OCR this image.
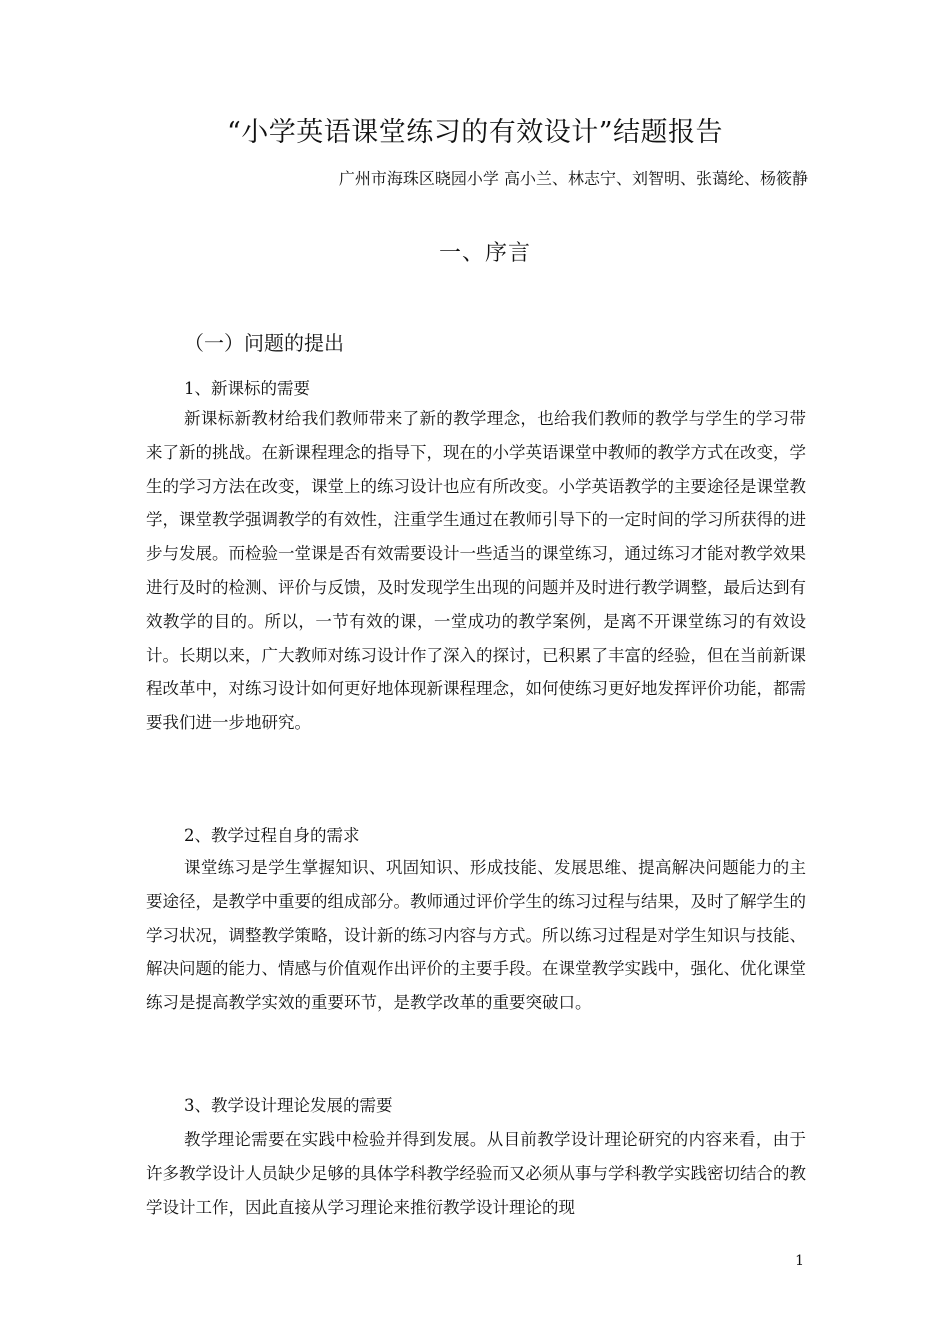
“小学英语课堂练习的有效设计”结题报告
广州市海珠区晓园小学 高小兰、林志宁、刘智明、张蔼纶、杨筱静
一、序言
（一）问题的提出
1、新课标的需要

新课标新教材给我们教师带来了新的教学理念，也给我们教师的教学与学生的学习带来了新的挑战。在新课程理念的指导下，现在的小学英语课堂中教师的教学方式在改变，学生的学习方法在改变，课堂上的练习设计也应有所改变。小学英语教学的主要途径是课堂教学，课堂教学强调教学的有效性，注重学生通过在教师引导下的一定时间的学习所获得的进步与发展。而检验一堂课是否有效需要设计一些适当的课堂练习，通过练习才能对教学效果进行及时的检测、评价与反馈，及时发现学生出现的问题并及时进行教学调整，最后达到有效教学的目的。所以，一节有效的课，一堂成功的教学案例，是离不开课堂练习的有效设计。长期以来，广大教师对练习设计作了深入的探讨，已积累了丰富的经验，但在当前新课程改革中，对练习设计如何更好地体现新课程理念，如何使练习更好地发挥评价功能，都需要我们进一步地研究。

2、教学过程自身的需求

课堂练习是学生掌握知识、巩固知识、形成技能、发展思维、提高解决问题能力的主要途径，是教学中重要的组成部分。教师通过评价学生的练习过程与结果，及时了解学生的学习状况，调整教学策略，设计新的练习内容与方式。所以练习过程是对学生知识与技能、解决问题的能力、情感与价值观作出评价的主要手段。在课堂教学实践中，强化、优化课堂练习是提高教学实效的重要环节，是教学改革的重要突破口。

3、教学设计理论发展的需要

教学理论需要在实践中检验并得到发展。从目前教学设计理论研究的内容来看，由于许多教学设计人员缺少足够的具体学科教学经验而又必须从事与学科教学实践密切结合的教学设计工作，因此直接从学习理论来推衍教学设计理论的现

1
